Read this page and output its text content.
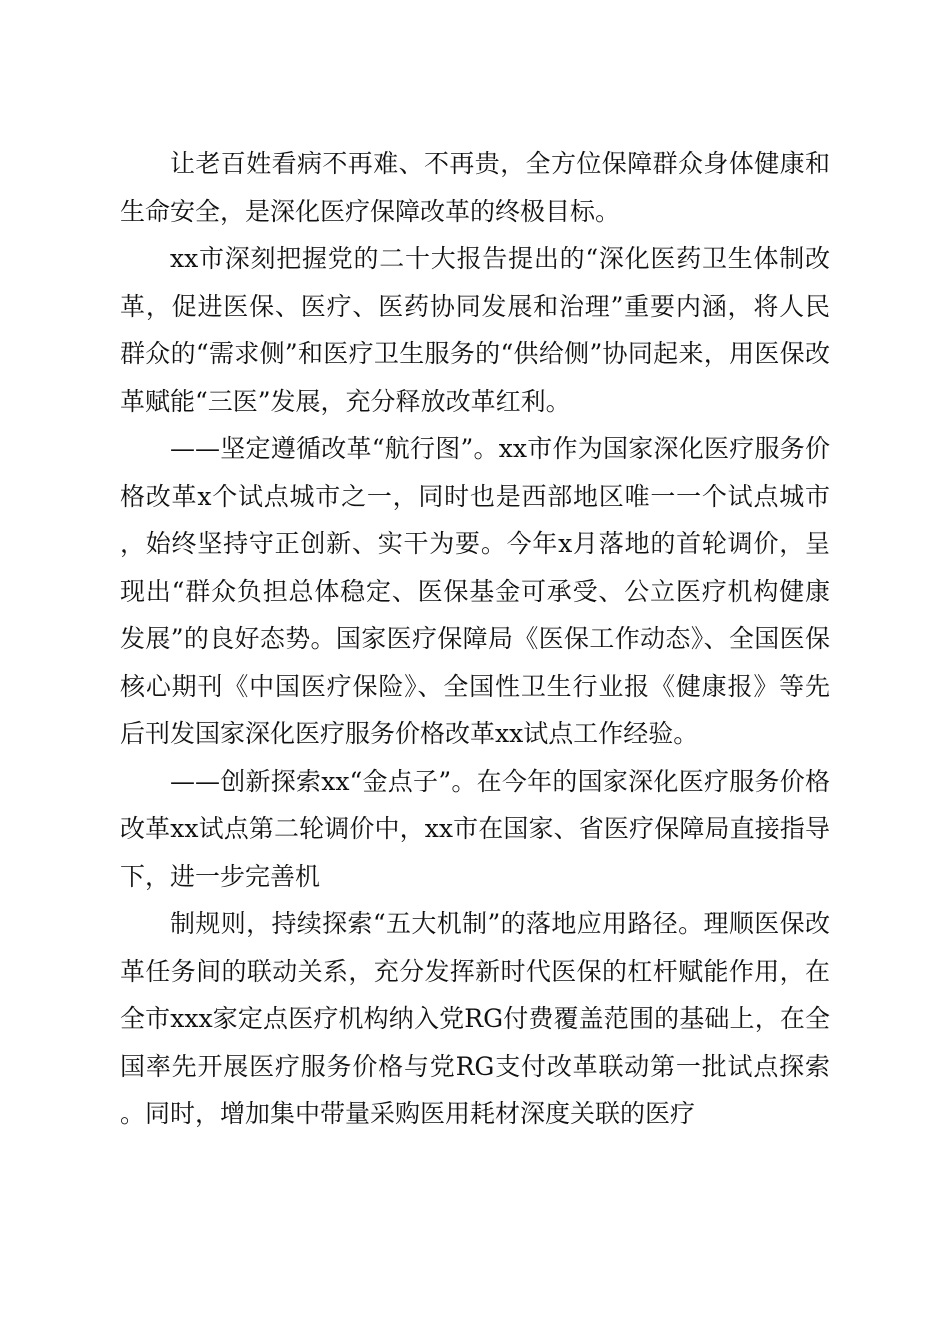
让老百姓看病不再难、不再贵，全方位保障群众身体健康和生命安全，是深化医疗保障改革的终极目标。

xx市深刻把握党的二十大报告提出的“深化医药卫生体制改革，促进医保、医疗、医药协同发展和治理”重要内涵，将人民群众的“需求侧”和医疗卫生服务的“供给侧”协同起来，用医保改革赋能“三医”发展，充分释放改革红利。

——坚定遵循改革“航行图”。xx市作为国家深化医疗服务价格改革x个试点城市之一，同时也是西部地区唯一一个试点城市，始终坚持守正创新、实干为要。今年x月落地的首轮调价，呈现出“群众负担总体稳定、医保基金可承受、公立医疗机构健康发展”的良好态势。国家医疗保障局《医保工作动态》、全国医保核心期刊《中国医疗保险》、全国性卫生行业报《健康报》等先后刊发国家深化医疗服务价格改革xx试点工作经验。

——创新探索xx“金点子”。在今年的国家深化医疗服务价格改革xx试点第二轮调价中，xx市在国家、省医疗保障局直接指导下，进一步完善机

制规则，持续探索“五大机制”的落地应用路径。理顺医保改革任务间的联动关系，充分发挥新时代医保的杠杆赋能作用，在全市xxx家定点医疗机构纳入党RG付费覆盖范围的基础上，在全国率先开展医疗服务价格与党RG支付改革联动第一批试点探索。同时，增加集中带量采购医用耗材深度关联的医疗
